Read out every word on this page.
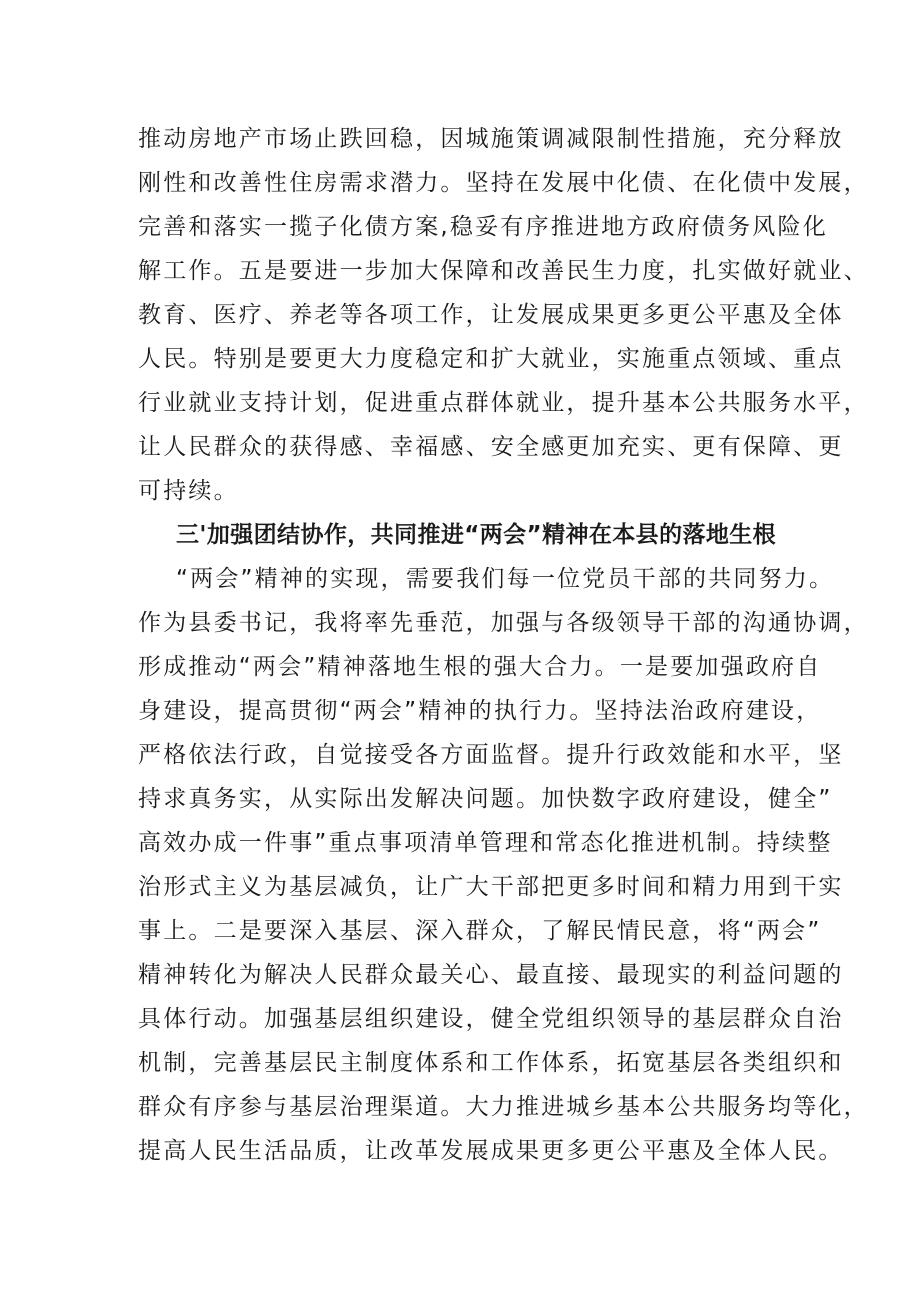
推动房地产市场止跌回稳，因城施策调减限制性措施，充分释放
刚性和改善性住房需求潜力。坚持在发展中化债、在化债中发展，
完善和落实一揽子化债方案,稳妥有序推进地方政府债务风险化
解工作。五是要进一步加大保障和改善民生力度，扎实做好就业、
教育、医疗、养老等各项工作，让发展成果更多更公平惠及全体
人民。特别是要更大力度稳定和扩大就业，实施重点领域、重点
行业就业支持计划，促进重点群体就业，提升基本公共服务水平，
让人民群众的获得感、幸福感、安全感更加充实、更有保障、更
可持续。
三'加强团结协作，共同推进“两会”精神在本县的落地生根
“两会”精神的实现，需要我们每一位党员干部的共同努力。
作为县委书记，我将率先垂范，加强与各级领导干部的沟通协调，
形成推动“两会”精神落地生根的强大合力。一是要加强政府自
身建设，提高贯彻“两会”精神的执行力。坚持法治政府建设，
严格依法行政，自觉接受各方面监督。提升行政效能和水平，坚
持求真务实，从实际出发解决问题。加快数字政府建设，健全”
高效办成一件事”重点事项清单管理和常态化推进机制。持续整
治形式主义为基层减负，让广大干部把更多时间和精力用到干实
事上。二是要深入基层、深入群众，了解民情民意，将“两会”
精神转化为解决人民群众最关心、最直接、最现实的利益问题的
具体行动。加强基层组织建设，健全党组织领导的基层群众自治
机制，完善基层民主制度体系和工作体系，拓宽基层各类组织和
群众有序参与基层治理渠道。大力推进城乡基本公共服务均等化，
提高人民生活品质，让改革发展成果更多更公平惠及全体人民。
